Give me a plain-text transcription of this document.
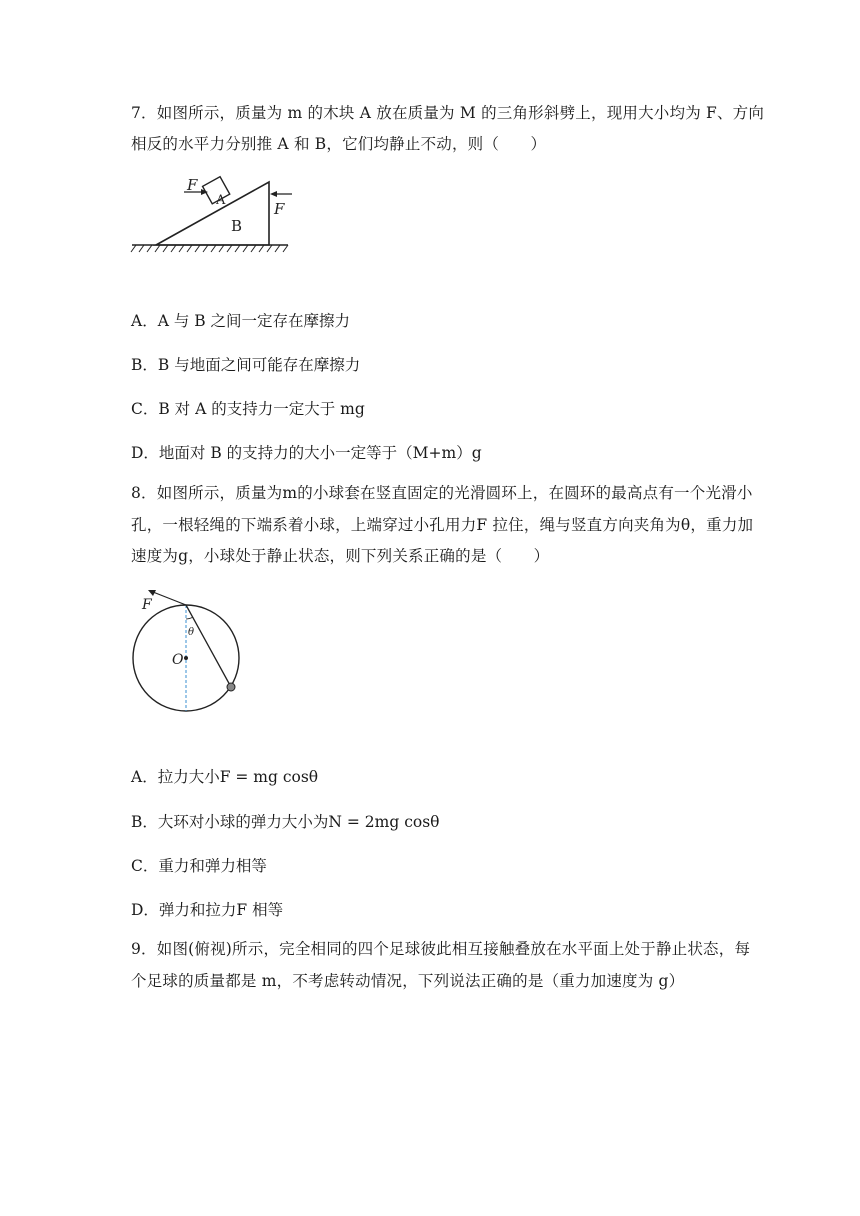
7．如图所示，质量为 m 的木块 A 放在质量为 M 的三角形斜劈上，现用大小均为 F、方向
相反的水平力分别推 A 和 B，它们均静止不动，则（　　）
F
A
B
F
A．A 与 B 之间一定存在摩擦力
B．B 与地面之间可能存在摩擦力
C．B 对 A 的支持力一定大于 mg
D．地面对 B 的支持力的大小一定等于（M+m）g
8．如图所示，质量为m的小球套在竖直固定的光滑圆环上，在圆环的最高点有一个光滑小
孔，一根轻绳的下端系着小球，上端穿过小孔用力F 拉住，绳与竖直方向夹角为θ，重力加
速度为g，小球处于静止状态，则下列关系正确的是（　　）
F
θ
O
A．拉力大小F = mg cosθ
B．大环对小球的弹力大小为N = 2mg cosθ
C．重力和弹力相等
D．弹力和拉力F 相等
9．如图(俯视)所示，完全相同的四个足球彼此相互接触叠放在水平面上处于静止状态，每
个足球的质量都是 m，不考虑转动情况，下列说法正确的是（重力加速度为 g）
